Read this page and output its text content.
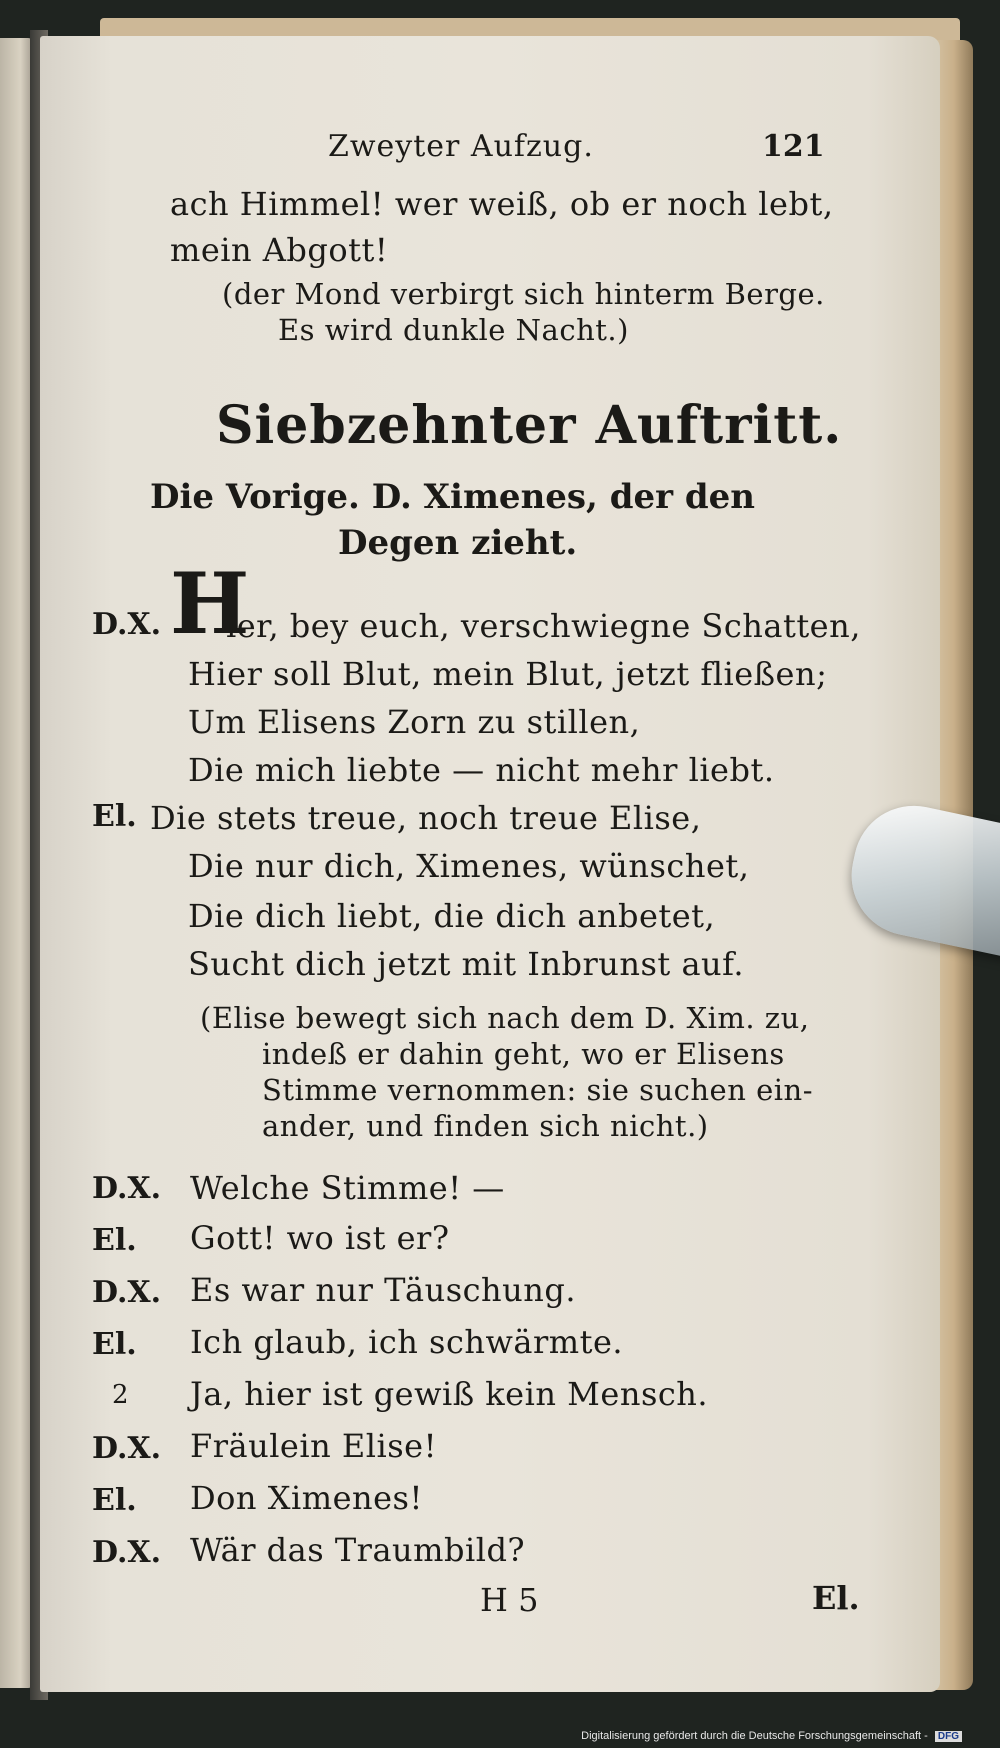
Zweyter Aufzug.	121
ach Himmel! wer weiß, ob er noch lebt,
mein Abgott!
(der Mond verbirgt sich hinterm Berge.
Es wird dunkle Nacht.)
Siebzehnter Auftritt.
Die Vorige. D. Ximenes, der den
Degen zieht.
D.X. H
ier, bey euch, verschwiegne Schatten,
Hier soll Blut, mein Blut, jetzt fließen;
Um Elisens Zorn zu stillen,
Die mich liebte — nicht mehr liebt.
El. Die stets treue, noch treue Elise,
Die nur dich, Ximenes, wünschet,
Die dich liebt, die dich anbetet,
Sucht dich jetzt mit Inbrunst auf.
(Elise bewegt sich nach dem D. Xim. zu,
indeß er dahin geht, wo er Elisens
Stimme vernommen: sie suchen ein-
ander, und finden sich nicht.)
D.X. Welche Stimme! —
El. Gott! wo ist er?
D.X. Es war nur Täuschung.
El. Ich glaub, ich schwärmte.
2 Ja, hier ist gewiß kein Mensch.
D.X. Fräulein Elise!
El. Don Ximenes!
D.X. Wär das Traumbild?
H 5	El.
Digitalisierung gefördert durch die Deutsche Forschungsgemeinschaft - DFG
